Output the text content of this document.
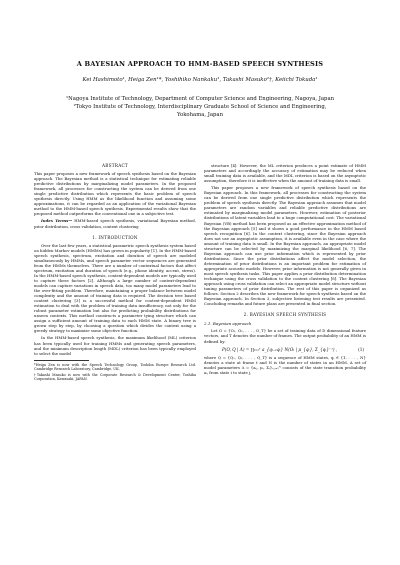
A BAYESIAN APPROACH TO HMM-BASED SPEECH SYNTHESIS
Kei Hashimoto¹, Heiga Zen¹*, Yoshihiko Nankaku¹, Takashi Masuko²†, Keiichi Tokuda¹
¹Nagoya Institute of Technology, Department of Computer Science and Engineering, Nagoya, Japan
²Tokyo Institute of Technology, Interdisciplinary Graduate School of Science and Engineering,
Yokohama, Japan
ABSTRACT

This paper proposes a new framework of speech synthesis based on the Bayesian approach. The Bayesian method is a statistical technique for estimating reliable predictive distributions by marginalizing model parameters. In the proposed framework, all processes for constructing the system can be derived from one single predictive distribution which represents the basic problem of speech synthesis directly. Using HMM as the likelihood function and assuming some approximations, it can be regarded as an application of the variational Bayesian method to the HMM-based speech synthesis. Experimental results show that the proposed method outperforms the conventional one in a subjective test.

Index Terms— HMM-based speech synthesis, variational Bayesian method, prior distribution, cross validation, context clustering

1. INTRODUCTION

Over the last few years, a statistical parametric speech synthesis system based on hidden Markov models (HMMs) has grown in popularity [1]. In the HMM-based speech synthesis, spectrum, excitation and duration of speech are modeled simultaneously by HMMs, and speech parameter vector sequences are generated from the HMMs themselves. There are a number of contextual factors that affect spectrum, excitation and duration of speech (e.g., phone identity, accent, stress). In the HMM-based speech synthesis, context-dependent models are typically used to capture these factors [2]. Although a large number of context-dependent models can capture variations in speech data, too many model parameters lead to the over-fitting problem. Therefore, maintaining a proper balance between model complexity and the amount of training data is required. The decision tree based context clustering [3] is a successful method for context-dependent HMM estimation to deal with the problem of training data insufficiency, not only for the robust parameter estimation but also for predicting probability distributions for unseen contexts. This method constructs a parameter tying structure which can assign a sufficient amount of training data to each HMM state. A binary tree is grown step by step, by choosing a question which divides the context using a greedy strategy to maximize some objective function.

In the HMM-based speech synthesis, the maximum likelihood (ML) criterion has been typically used for training HMMs and generating speech parameters, and the minimum description length (MDL) criterion has been typically employed to select the model

*Heiga Zen is now with the Speech Technology Group, Toshiba Europe Research Ltd. Cambridge Research Laboratory, Cambridge, UK.

†Takashi Masuko is now with the Corporate Research & Development Center, Toshiba Corporation, Kawasaki, JAPAN.

structure [4]. However, the ML criterion produces a point estimate of HMM parameters and accordingly the accuracy of estimation may be reduced when small training data is available, and the MDL criterion is based on the asymptotic assumption, therefore it is ineffective when the amount of training data is small.

This paper proposes a new framework of speech synthesis based on the Bayesian approach. In this framework, all processes for constructing the system can be derived from one single predictive distribution which represents the problem of speech synthesis directly. The Bayesian approach assumes that model parameters are random variables and reliable predictive distributions are estimated by marginalizing model parameters. However, estimation of posterior distributions of latent variables lead to a huge computational cost. The variational Bayesian (VB) method has been proposed as an effective approximation method of the Bayesian approach [5] and it shows a good performance in the HMM based speech recognition [6]. In the context clustering, since the Bayesian approach does not use an asymptotic assumption, it is available even in the case where the amount of training data is small. In the Bayesian approach, an appropriate model structure can be selected by maximizing the marginal likelihood [6, 7]. The Bayesian approach can use prior information which is represented by prior distributions. Since the prior distributions affect the model selection, the determination of prior distributions is an important problem for estimation of appropriate acoustic models. However, prior information is not generally given in most speech synthesis tasks. This paper applies a prior distribution determination technique using the cross validation to the context clustering [8]. The Bayesian approach using cross validation can select an appropriate model structure without tuning parameters of prior distribution. The rest of this paper is organized as follows. Section 2 describes the new framework for speech synthesis based on the Bayesian approach. In Section 3, subjective listening test results are presented. Concluding remarks and future plans are presented in final section.

2. BAYESIAN SPEECH SYNTHESIS
2.1. Bayesian approach

Let O = {O₁, O₂, . . . , O_T} be a set of training data of D dimensional feature vectors, and T denotes the number of frames. The output probability of an HMM is defined by:

P(O, Q | Λ) = ∏ₜ₌₁ᵀ a_{qₜ₋₁qₜ} N(Oₜ | μ_{qₜ}, Σ_{qₜ}⁻¹) ,	(1)

where Q = {Q₁, Q₂, . . . , Q_T} is a sequence of HMM states, qₜ ∈ {1, . . . , N} denotes a state at frame t and N is the number of states in an HMM. A set of model parameters Λ = {aᵢⱼ, μᵢ, Σᵢ}ᵢ,ⱼ₌₁ᴺ consists of the state transition probability aᵢⱼ from state i to state j,
